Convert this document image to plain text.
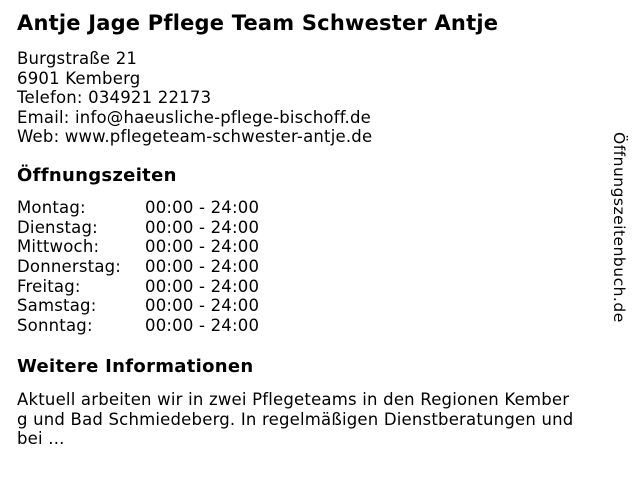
Antje Jage Pflege Team Schwester Antje
Burgstraße 21
6901 Kemberg
Telefon: 034921 22173
Email: info@haeusliche-pflege-bischoff.de
Web: www.pflegeteam-schwester-antje.de
Öffnungszeiten
Montag:	00:00 - 24:00
Dienstag:	00:00 - 24:00
Mittwoch:	00:00 - 24:00
Donnerstag:	00:00 - 24:00
Freitag:	00:00 - 24:00
Samstag:	00:00 - 24:00
Sonntag:	00:00 - 24:00
Weitere Informationen

Aktuell arbeiten wir in zwei Pflegeteams in den Regionen Kemberg und Bad Schmiedeberg. In regelmäßigen Dienstberatungen und bei ...

Öffnungszeitenbuch.de
